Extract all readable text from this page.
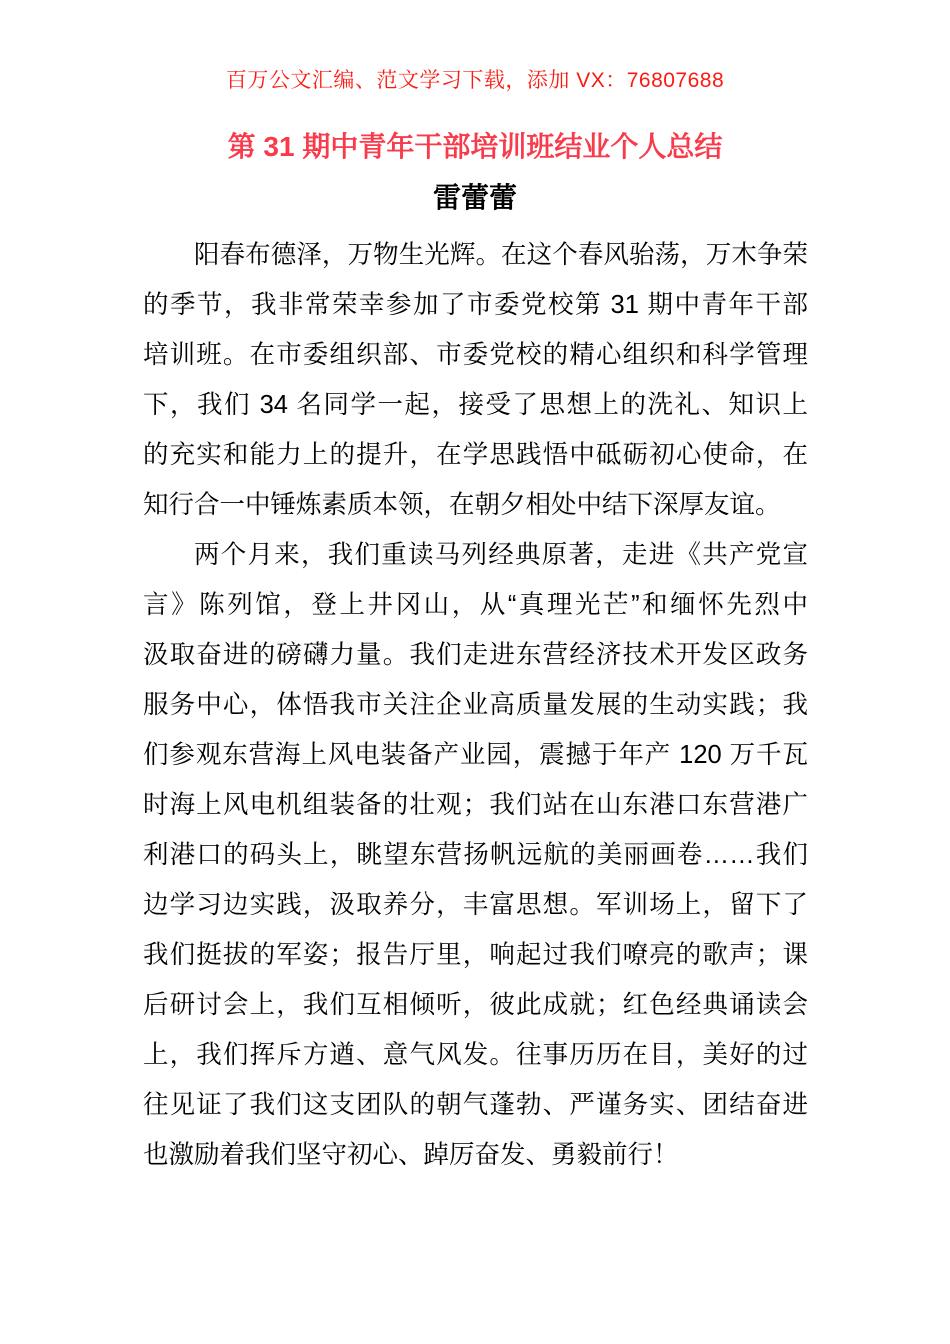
百万公文汇编、范文学习下载，添加 VX：76807688
第 31 期中青年干部培训班结业个人总结
雷蕾蕾
阳春布德泽，万物生光辉。在这个春风骀荡，万木争荣
的季节，我非常荣幸参加了市委党校第 31 期中青年干部
培训班。在市委组织部、市委党校的精心组织和科学管理
下，我们 34 名同学一起，接受了思想上的洗礼、知识上
的充实和能力上的提升，在学思践悟中砥砺初心使命，在
知行合一中锤炼素质本领，在朝夕相处中结下深厚友谊。
两个月来，我们重读马列经典原著，走进《共产党宣
言》陈列馆，登上井冈山，从“真理光芒”和缅怀先烈中
汲取奋进的磅礴力量。我们走进东营经济技术开发区政务
服务中心，体悟我市关注企业高质量发展的生动实践；我
们参观东营海上风电装备产业园，震撼于年产 120 万千瓦
时海上风电机组装备的壮观；我们站在山东港口东营港广
利港口的码头上，眺望东营扬帆远航的美丽画卷……我们
边学习边实践，汲取养分，丰富思想。军训场上，留下了
我们挺拔的军姿；报告厅里，响起过我们嘹亮的歌声；课
后研讨会上，我们互相倾听，彼此成就；红色经典诵读会
上，我们挥斥方遒、意气风发。往事历历在目，美好的过
往见证了我们这支团队的朝气蓬勃、严谨务实、团结奋进
也激励着我们坚守初心、踔厉奋发、勇毅前行！
